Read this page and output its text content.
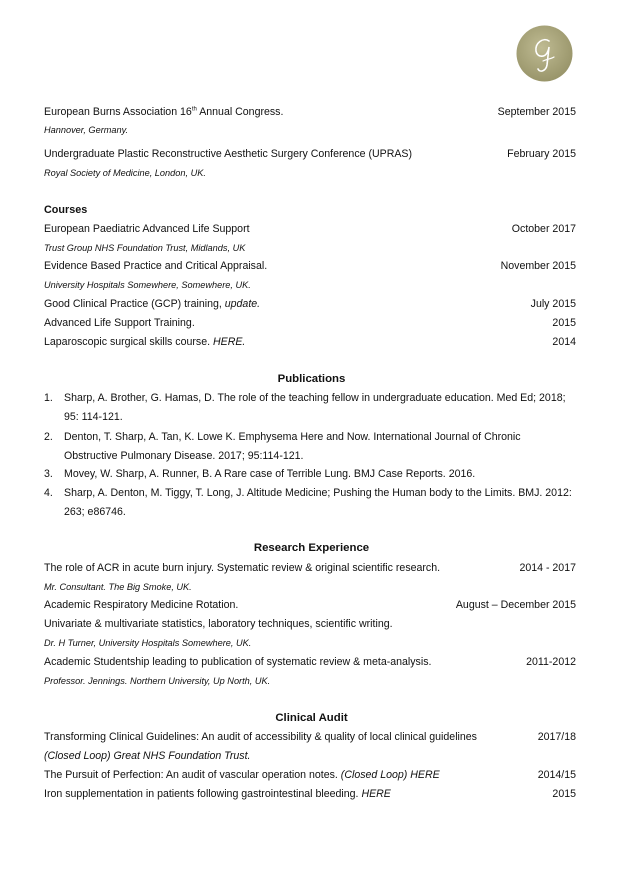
European Burns Association 16th Annual Congress.	September 2015
Hannover, Germany.
Undergraduate Plastic Reconstructive Aesthetic Surgery Conference (UPRAS)	February 2015
Royal Society of Medicine, London, UK.
Courses
European Paediatric Advanced Life Support	October 2017
Trust Group NHS Foundation Trust, Midlands, UK
Evidence Based Practice and Critical Appraisal.	November 2015
University Hospitals Somewhere, Somewhere, UK.
Good Clinical Practice (GCP) training, update.	July 2015
Advanced Life Support Training.	2015
Laparoscopic surgical skills course. HERE.	2014
Publications
1. Sharp, A. Brother, G. Hamas, D. The role of the teaching fellow in undergraduate education. Med Ed; 2018; 95: 114-121.
2. Denton, T. Sharp, A. Tan, K. Lowe K. Emphysema Here and Now. International Journal of Chronic Obstructive Pulmonary Disease. 2017; 95:114-121.
3. Movey, W. Sharp, A. Runner, B. A Rare case of Terrible Lung. BMJ Case Reports. 2016.
4. Sharp, A. Denton, M. Tiggy, T. Long, J. Altitude Medicine; Pushing the Human body to the Limits. BMJ. 2012: 263; e86746.
Research Experience
The role of ACR in acute burn injury. Systematic review & original scientific research.	2014 - 2017
Mr. Consultant. The Big Smoke, UK.
Academic Respiratory Medicine Rotation.	August – December 2015
Univariate & multivariate statistics, laboratory techniques, scientific writing.
Dr. H Turner, University Hospitals Somewhere, UK.
Academic Studentship leading to publication of systematic review & meta-analysis.	2011-2012
Professor. Jennings. Northern University, Up North, UK.
Clinical Audit
Transforming Clinical Guidelines: An audit of accessibility & quality of local clinical guidelines	2017/18
(Closed Loop) Great NHS Foundation Trust.
The Pursuit of Perfection: An audit of vascular operation notes. (Closed Loop) HERE	2014/15
Iron supplementation in patients following gastrointestinal bleeding. HERE	2015
